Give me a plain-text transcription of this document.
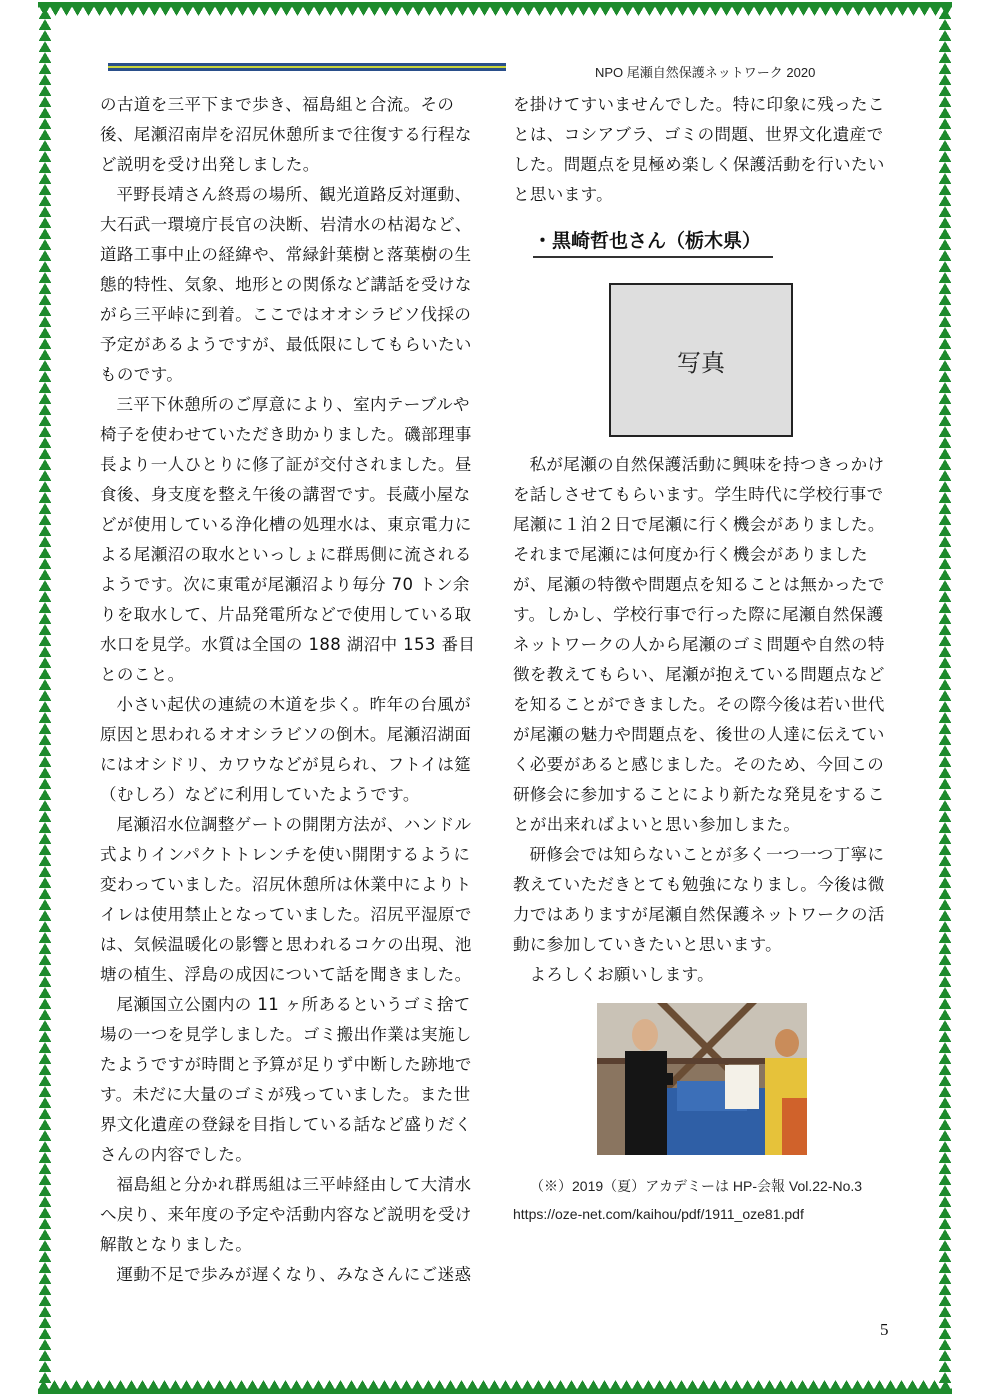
NPO 尾瀬自然保護ネットワーク 2020

の古道を三平下まで歩き、福島組と合流。その後、尾瀬沼南岸を沼尻休憩所まで往復する行程など説明を受け出発しました。

平野長靖さん終焉の場所、観光道路反対運動、大石武一環境庁長官の決断、岩清水の枯渇など、道路工事中止の経緯や、常緑針葉樹と落葉樹の生態的特性、気象、地形との関係など講話を受けながら三平峠に到着。ここではオオシラビソ伐採の予定があるようですが、最低限にしてもらいたいものです。

三平下休憩所のご厚意により、室内テーブルや椅子を使わせていただき助かりました。磯部理事長より一人ひとりに修了証が交付されました。昼食後、身支度を整え午後の講習です。長蔵小屋などが使用している浄化槽の処理水は、東京電力による尾瀬沼の取水といっしょに群馬側に流されるようです。次に東電が尾瀬沼より毎分 70 トン余りを取水して、片品発電所などで使用している取水口を見学。水質は全国の 188 湖沼中 153 番目とのこと。

小さい起伏の連続の木道を歩く。昨年の台風が原因と思われるオオシラビソの倒木。尾瀬沼湖面にはオシドリ、カワウなどが見られ、フトイは筵（むしろ）などに利用していたようです。

尾瀬沼水位調整ゲートの開閉方法が、ハンドル式よりインパクトトレンチを使い開閉するように変わっていました。沼尻休憩所は休業中によりトイレは使用禁止となっていました。沼尻平湿原では、気候温暖化の影響と思われるコケの出現、池塘の植生、浮島の成因について話を聞きました。

尾瀬国立公園内の 11 ヶ所あるというゴミ捨て場の一つを見学しました。ゴミ搬出作業は実施したようですが時間と予算が足りず中断した跡地です。未だに大量のゴミが残っていました。また世界文化遺産の登録を目指している話など盛りだくさんの内容でした。

福島組と分かれ群馬組は三平峠経由して大清水へ戻り、来年度の予定や活動内容など説明を受け解散となりました。

運動不足で歩みが遅くなり、みなさんにご迷惑

を掛けてすいませんでした。特に印象に残ったことは、コシアブラ、ゴミの問題、世界文化遺産でした。問題点を見極め楽しく保護活動を行いたいと思います。

・黒崎哲也さん（栃木県）
写真

私が尾瀬の自然保護活動に興味を持つきっかけを話しさせてもらいます。学生時代に学校行事で尾瀬に１泊２日で尾瀬に行く機会がありました。それまで尾瀬には何度か行く機会がありましたが、尾瀬の特徴や問題点を知ることは無かったです。しかし、学校行事で行った際に尾瀬自然保護ネットワークの人から尾瀬のゴミ問題や自然の特徴を教えてもらい、尾瀬が抱えている問題点などを知ることができました。その際今後は若い世代が尾瀬の魅力や問題点を、後世の人達に伝えていく必要があると感じました。そのため、今回この研修会に参加することにより新たな発見をすることが出来ればよいと思い参加しまた。

研修会では知らないことが多く一つ一つ丁寧に教えていただきとても勉強になりまし。今後は微力ではありますが尾瀬自然保護ネットワークの活動に参加していきたいと思います。

よろしくお願いします。

（※）2019（夏）アカデミーは HP-会報 Vol.22-No.3
https://oze-net.com/kaihou/pdf/1911_oze81.pdf
5
